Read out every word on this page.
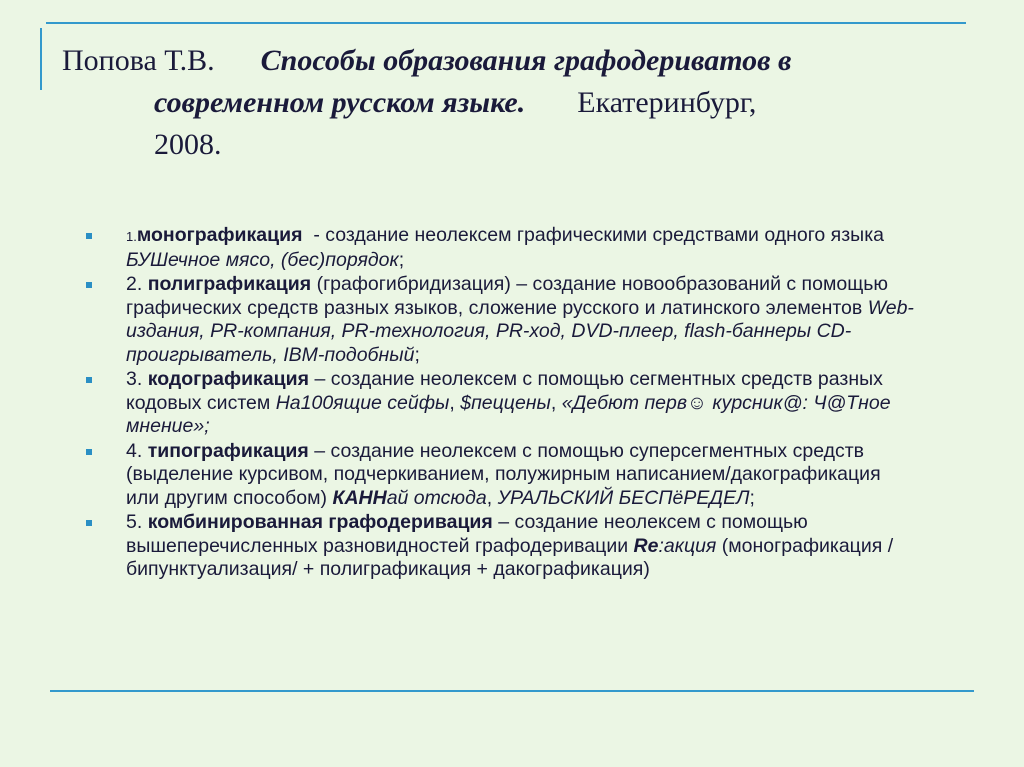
Попова Т.В. Способы образования графодериватов в
современном русском языке. Екатеринбург,
2008.
1.монографикация  - создание неолексем графическими средствами одного языка  БУШечное мясо, (бес)порядок;
2. полиграфикация (графогибридизация) – создание новообразований с помощью графических средств разных языков, сложение русского и латинского элементов Web-издания, PR-компания, PR-технология, PR-ход, DVD-плеер, flash-баннеры CD-проигрыватель, IBM-подобный;
3. кодографикация – создание неолексем с помощью сегментных средств разных кодовых систем На100ящие сейфы, $пеццены, «Дебют перв☺ курсник@: Ч@Тное мнение»;
4. типографикация – создание неолексем с помощью суперсегментных средств (выделение курсивом, подчеркиванием, полужирным написанием/дакографикация или другим способом) КАННай отсюда, УРАЛЬСКИЙ БЕСПёРЕДЕЛ;
5. комбинированная графодеривация – создание неолексем с помощью вышеперечисленных разновидностей графодеривации Re:акция (монографикация /бипунктуализация/ + полиграфикация + дакографикация)
